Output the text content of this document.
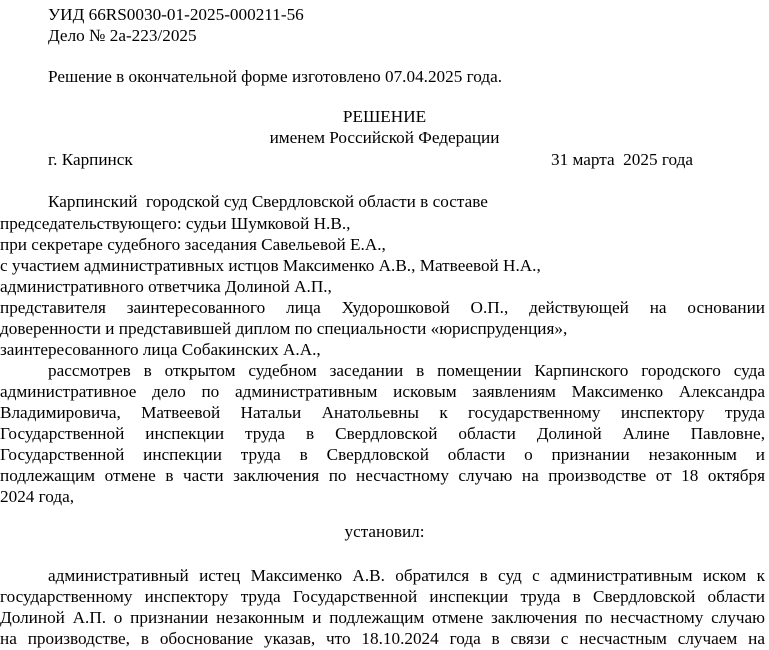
УИД 66RS0030-01-2025-000211-56
Дело № 2а-223/2025
Решение в окончательной форме изготовлено 07.04.2025 года.
РЕШЕНИЕ
именем Российской Федерации
г. Карпинск	31 марта  2025 года
Карпинский  городской суд Свердловской области в составе
председательствующего: судьи Шумковой Н.В.,
при секретаре судебного заседания Савельевой Е.А.,
с участием административных истцов Максименко А.В., Матвеевой Н.А.,
административного ответчика Долиной А.П.,
представителя заинтересованного лица Худорошковой О.П., действующей на основании
доверенности и представившей диплом по специальности «юриспруденция»,
заинтересованного лица Собакинских А.А.,
рассмотрев в открытом судебном заседании в помещении Карпинского городского суда
административное дело по административным исковым заявлениям Максименко Александра
Владимировича, Матвеевой Натальи Анатольевны к государственному инспектору труда
Государственной инспекции труда в Свердловской области Долиной Алине Павловне,
Государственной инспекции труда в Свердловской области о признании незаконным и
подлежащим отмене в части заключения по несчастному случаю на производстве от 18 октября
2024 года,
установил:
административный истец Максименко А.В. обратился в суд с административным иском к
государственному инспектору труда Государственной инспекции труда в Свердловской области
Долиной А.П. о признании незаконным и подлежащим отмене заключения по несчастному случаю
на производстве, в обоснование указав, что 18.10.2024 года в связи с несчастным случаем на
